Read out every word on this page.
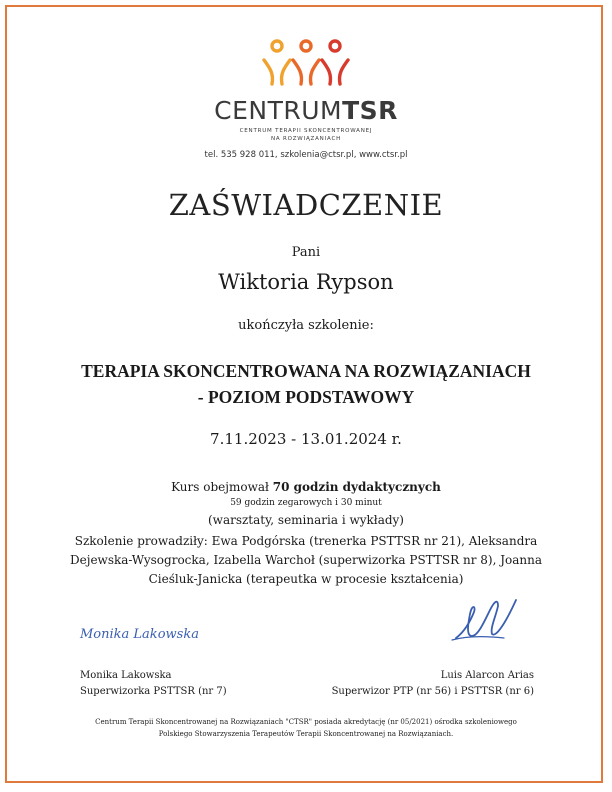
CENTRUMTSR
CENTRUM TERAPII SKONCENTROWANEJ
NA ROZWIĄZANIACH
tel. 535 928 011, szkolenia@ctsr.pl, www.ctsr.pl
ZAŚWIADCZENIE
Pani
Wiktoria Rypson
ukończyła szkolenie:
TERAPIA SKONCENTROWANA NA ROZWIĄZANIACH
- POZIOM PODSTAWOWY
7.11.2023 - 13.01.2024 r.
Kurs obejmował 70 godzin dydaktycznych
59 godzin zegarowych i 30 minut
(warsztaty, seminaria i wykłady)
Szkolenie prowadziły: Ewa Podgórska (trenerka PSTTSR nr 21), Aleksandra Dejewska-Wysogrocka, Izabella Warchoł (superwizorka PSTTSR nr 8), Joanna Cieśluk-Janicka (terapeutka w procesie kształcenia)
Monika Lakowska
Monika Lakowska
Superwizorka PSTTSR (nr 7)
Luis Alarcon Arias
Superwizor PTP (nr 56) i PSTTSR (nr 6)
Centrum Terapii Skoncentrowanej na Rozwiązaniach "CTSR" posiada akredytację (nr 05/2021) ośrodka szkoleniowego
Polskiego Stowarzyszenia Terapeutów Terapii Skoncentrowanej na Rozwiązaniach.
